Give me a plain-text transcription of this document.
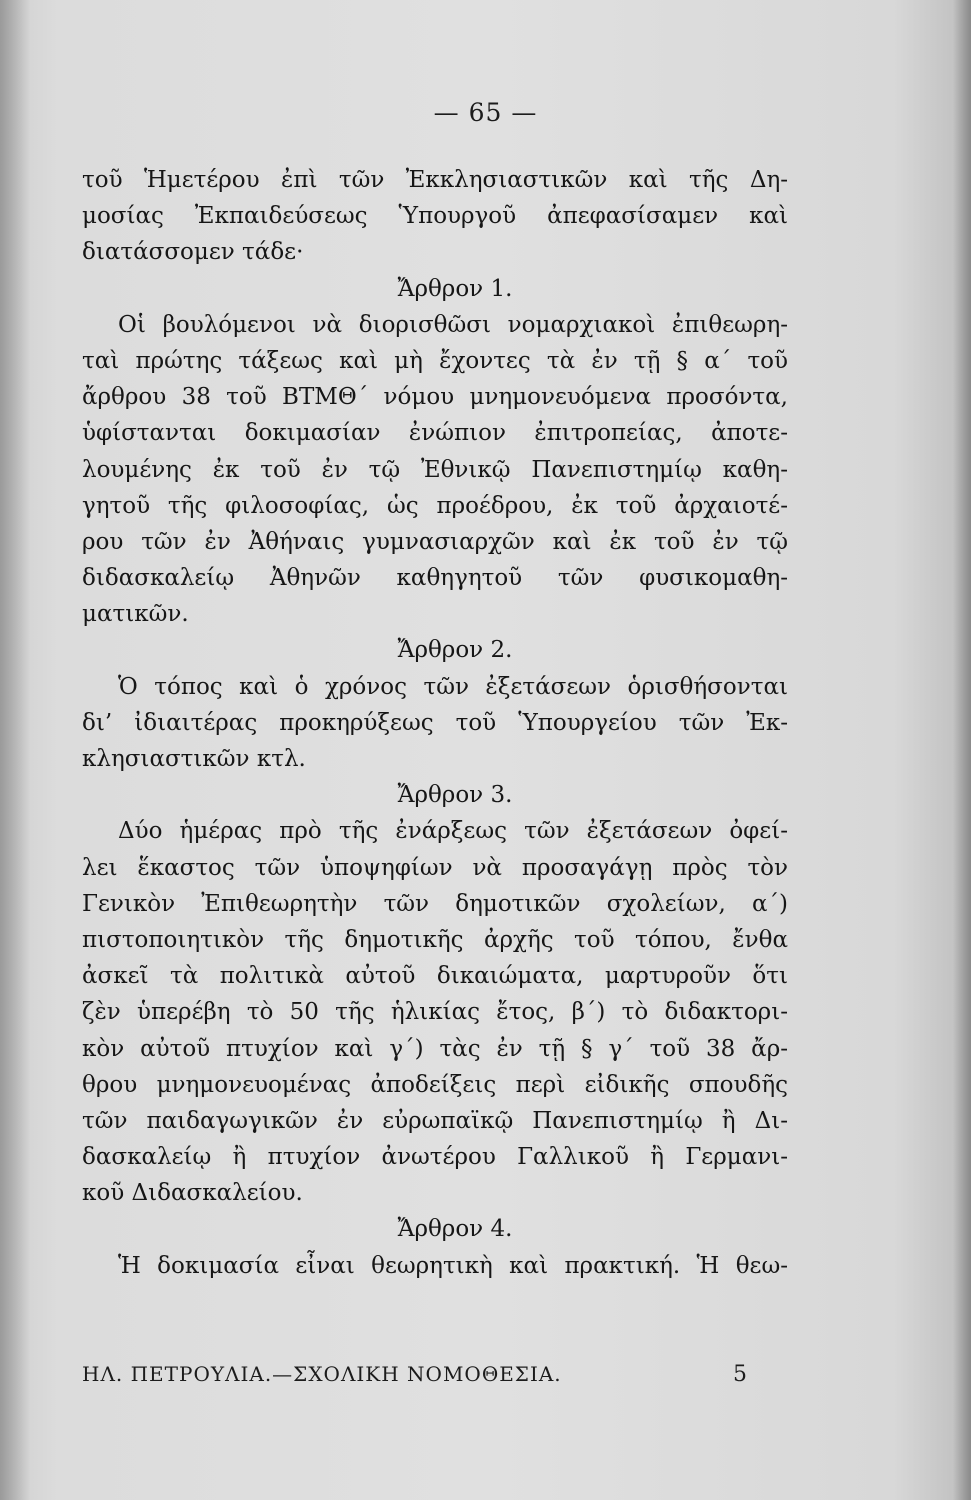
— 65 —
τοῦ Ἡμετέρου ἐπὶ τῶν Ἐκκλησιαστικῶν καὶ τῆς Δη-
μοσίας Ἐκπαιδεύσεως Ὑπουργοῦ ἀπεφασίσαμεν καὶ
διατάσσομεν τάδε·
Ἄρθρον 1.
Οἱ βουλόμενοι νὰ διορισθῶσι νομαρχιακοὶ ἐπιθεωρη-
ταὶ πρώτης τάξεως καὶ μὴ ἔχοντες τὰ ἐν τῇ § α΄ τοῦ
ἄρθρου 38 τοῦ ΒΤΜΘ΄ νόμου μνημονευόμενα προσόντα,
ὑφίστανται δοκιμασίαν ἐνώπιον ἐπιτροπείας, ἀποτε-
λουμένης ἐκ τοῦ ἐν τῷ Ἐθνικῷ Πανεπιστημίῳ καθη-
γητοῦ τῆς φιλοσοφίας, ὡς προέδρου, ἐκ τοῦ ἀρχαιοτέ-
ρου τῶν ἐν Ἀθήναις γυμνασιαρχῶν καὶ ἐκ τοῦ ἐν τῷ
διδασκαλείῳ Ἀθηνῶν καθηγητοῦ τῶν φυσικομαθη-
ματικῶν.
Ἄρθρον 2.
Ὁ τόπος καὶ ὁ χρόνος τῶν ἐξετάσεων ὁρισθήσονται
δι’ ἰδιαιτέρας προκηρύξεως τοῦ Ὑπουργείου τῶν Ἐκ-
κλησιαστικῶν κτλ.
Ἄρθρον 3.
Δύο ἡμέρας πρὸ τῆς ἐνάρξεως τῶν ἐξετάσεων ὀφεί-
λει ἕκαστος τῶν ὑποψηφίων νὰ προσαγάγῃ πρὸς τὸν
Γενικὸν Ἐπιθεωρητὴν τῶν δημοτικῶν σχολείων, α΄)
πιστοποιητικὸν τῆς δημοτικῆς ἀρχῆς τοῦ τόπου, ἔνθα
ἀσκεῖ τὰ πολιτικὰ αὐτοῦ δικαιώματα, μαρτυροῦν ὅτι
ζὲν ὑπερέβη τὸ 50 τῆς ἡλικίας ἔτος, β΄) τὸ διδακτορι-
κὸν αὐτοῦ πτυχίον καὶ γ΄) τὰς ἐν τῇ § γ΄ τοῦ 38 ἄρ-
θρου μνημονευομένας ἀποδείξεις περὶ εἰδικῆς σπουδῆς
τῶν παιδαγωγικῶν ἐν εὐρωπαϊκῷ Πανεπιστημίῳ ἢ Δι-
δασκαλείῳ ἢ πτυχίον ἀνωτέρου Γαλλικοῦ ἢ Γερμανι-
κοῦ Διδασκαλείου.
Ἄρθρον 4.
Ἡ δοκιμασία εἶναι θεωρητικὴ καὶ πρακτική. Ἡ θεω-
ΗΛ. ΠΕΤΡΟΥΛΙΑ.—ΣΧΟΛΙΚΗ ΝΟΜΟΘΕΣΙΑ.	5
